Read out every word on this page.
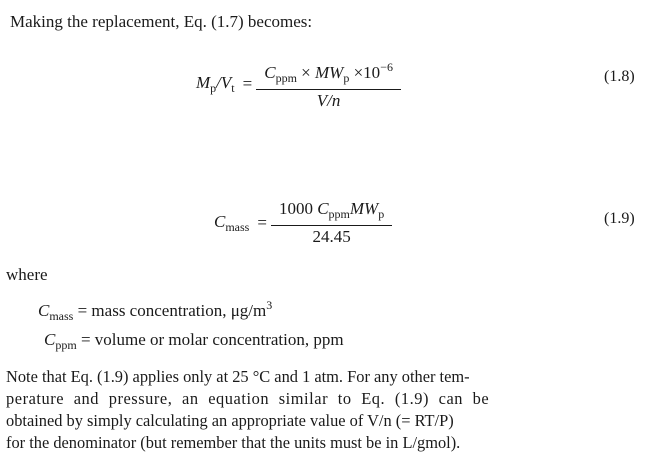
Making the replacement, Eq. (1.7) becomes:
$M_p/V_t = \frac{C_{ppm} \times MW_p \times 10^{-6}}{V/n}$	(1.8)
$C_{mass} = \frac{1000 C_{ppm}MW_p}{24.45}$	(1.9)
where
$C_{mass}$ = mass concentration, $\mu g/m^3$
$C_{ppm}$ = volume or molar concentration, ppm

Note that Eq. (1.9) applies only at 25 °C and 1 atm. For any other tem-

perature and pressure, an equation similar to Eq. (1.9) can be

obtained by simply calculating an appropriate value of V/n (= RT/P)

for the denominator (but remember that the units must be in L/gmol).
